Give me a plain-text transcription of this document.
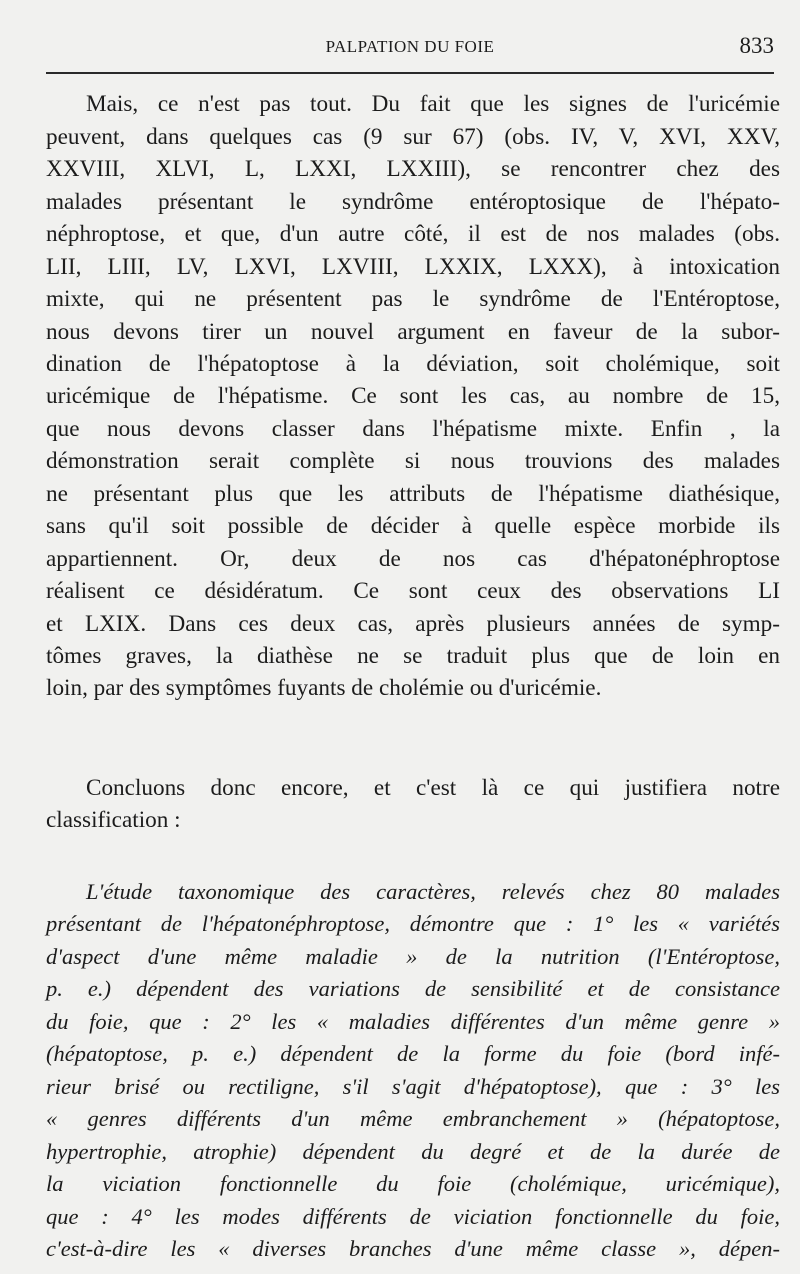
PALPATION DU FOIE	833
Mais, ce n'est pas tout. Du fait que les signes de l'uricémie
peuvent, dans quelques cas (9 sur 67) (obs. IV, V, XVI, XXV,
XXVIII, XLVI, L, LXXI, LXXIII), se rencontrer chez des
malades présentant le syndrôme entéroptosique de l'hépato-
néphroptose, et que, d'un autre côté, il est de nos malades (obs.
LII, LIII, LV, LXVI, LXVIII, LXXIX, LXXX), à intoxication
mixte, qui ne présentent pas le syndrôme de l'Entéroptose,
nous devons tirer un nouvel argument en faveur de la subor-
dination de l'hépatoptose à la déviation, soit cholémique, soit
uricémique de l'hépatisme. Ce sont les cas, au nombre de 15,
que nous devons classer dans l'hépatisme mixte. Enfin , la
démonstration serait complète si nous trouvions des malades
ne présentant plus que les attributs de l'hépatisme diathésique,
sans qu'il soit possible de décider à quelle espèce morbide ils
appartiennent. Or, deux de nos cas d'hépatonéphroptose
réalisent ce désidératum. Ce sont ceux des observations LI
et LXIX. Dans ces deux cas, après plusieurs années de symp-
tômes graves, la diathèse ne se traduit plus que de loin en
loin, par des symptômes fuyants de cholémie ou d'uricémie.
Concluons donc encore, et c'est là ce qui justifiera notre
classification :
L'étude taxonomique des caractères, relevés chez 80 malades
présentant de l'hépatonéphroptose, démontre que : 1° les « variétés
d'aspect d'une même maladie » de la nutrition (l'Entéroptose,
p. e.) dépendent des variations de sensibilité et de consistance
du foie, que : 2° les « maladies différentes d'un même genre »
(hépatoptose, p. e.) dépendent de la forme du foie (bord infé-
rieur brisé ou rectiligne, s'il s'agit d'hépatoptose), que : 3° les
« genres différents d'un même embranchement » (hépatoptose,
hypertrophie, atrophie) dépendent du degré et de la durée de
la viciation fonctionnelle du foie (cholémique, uricémique),
que : 4° les modes différents de viciation fonctionnelle du foie,
c'est-à-dire les « diverses branches d'une même classe », dépen-
